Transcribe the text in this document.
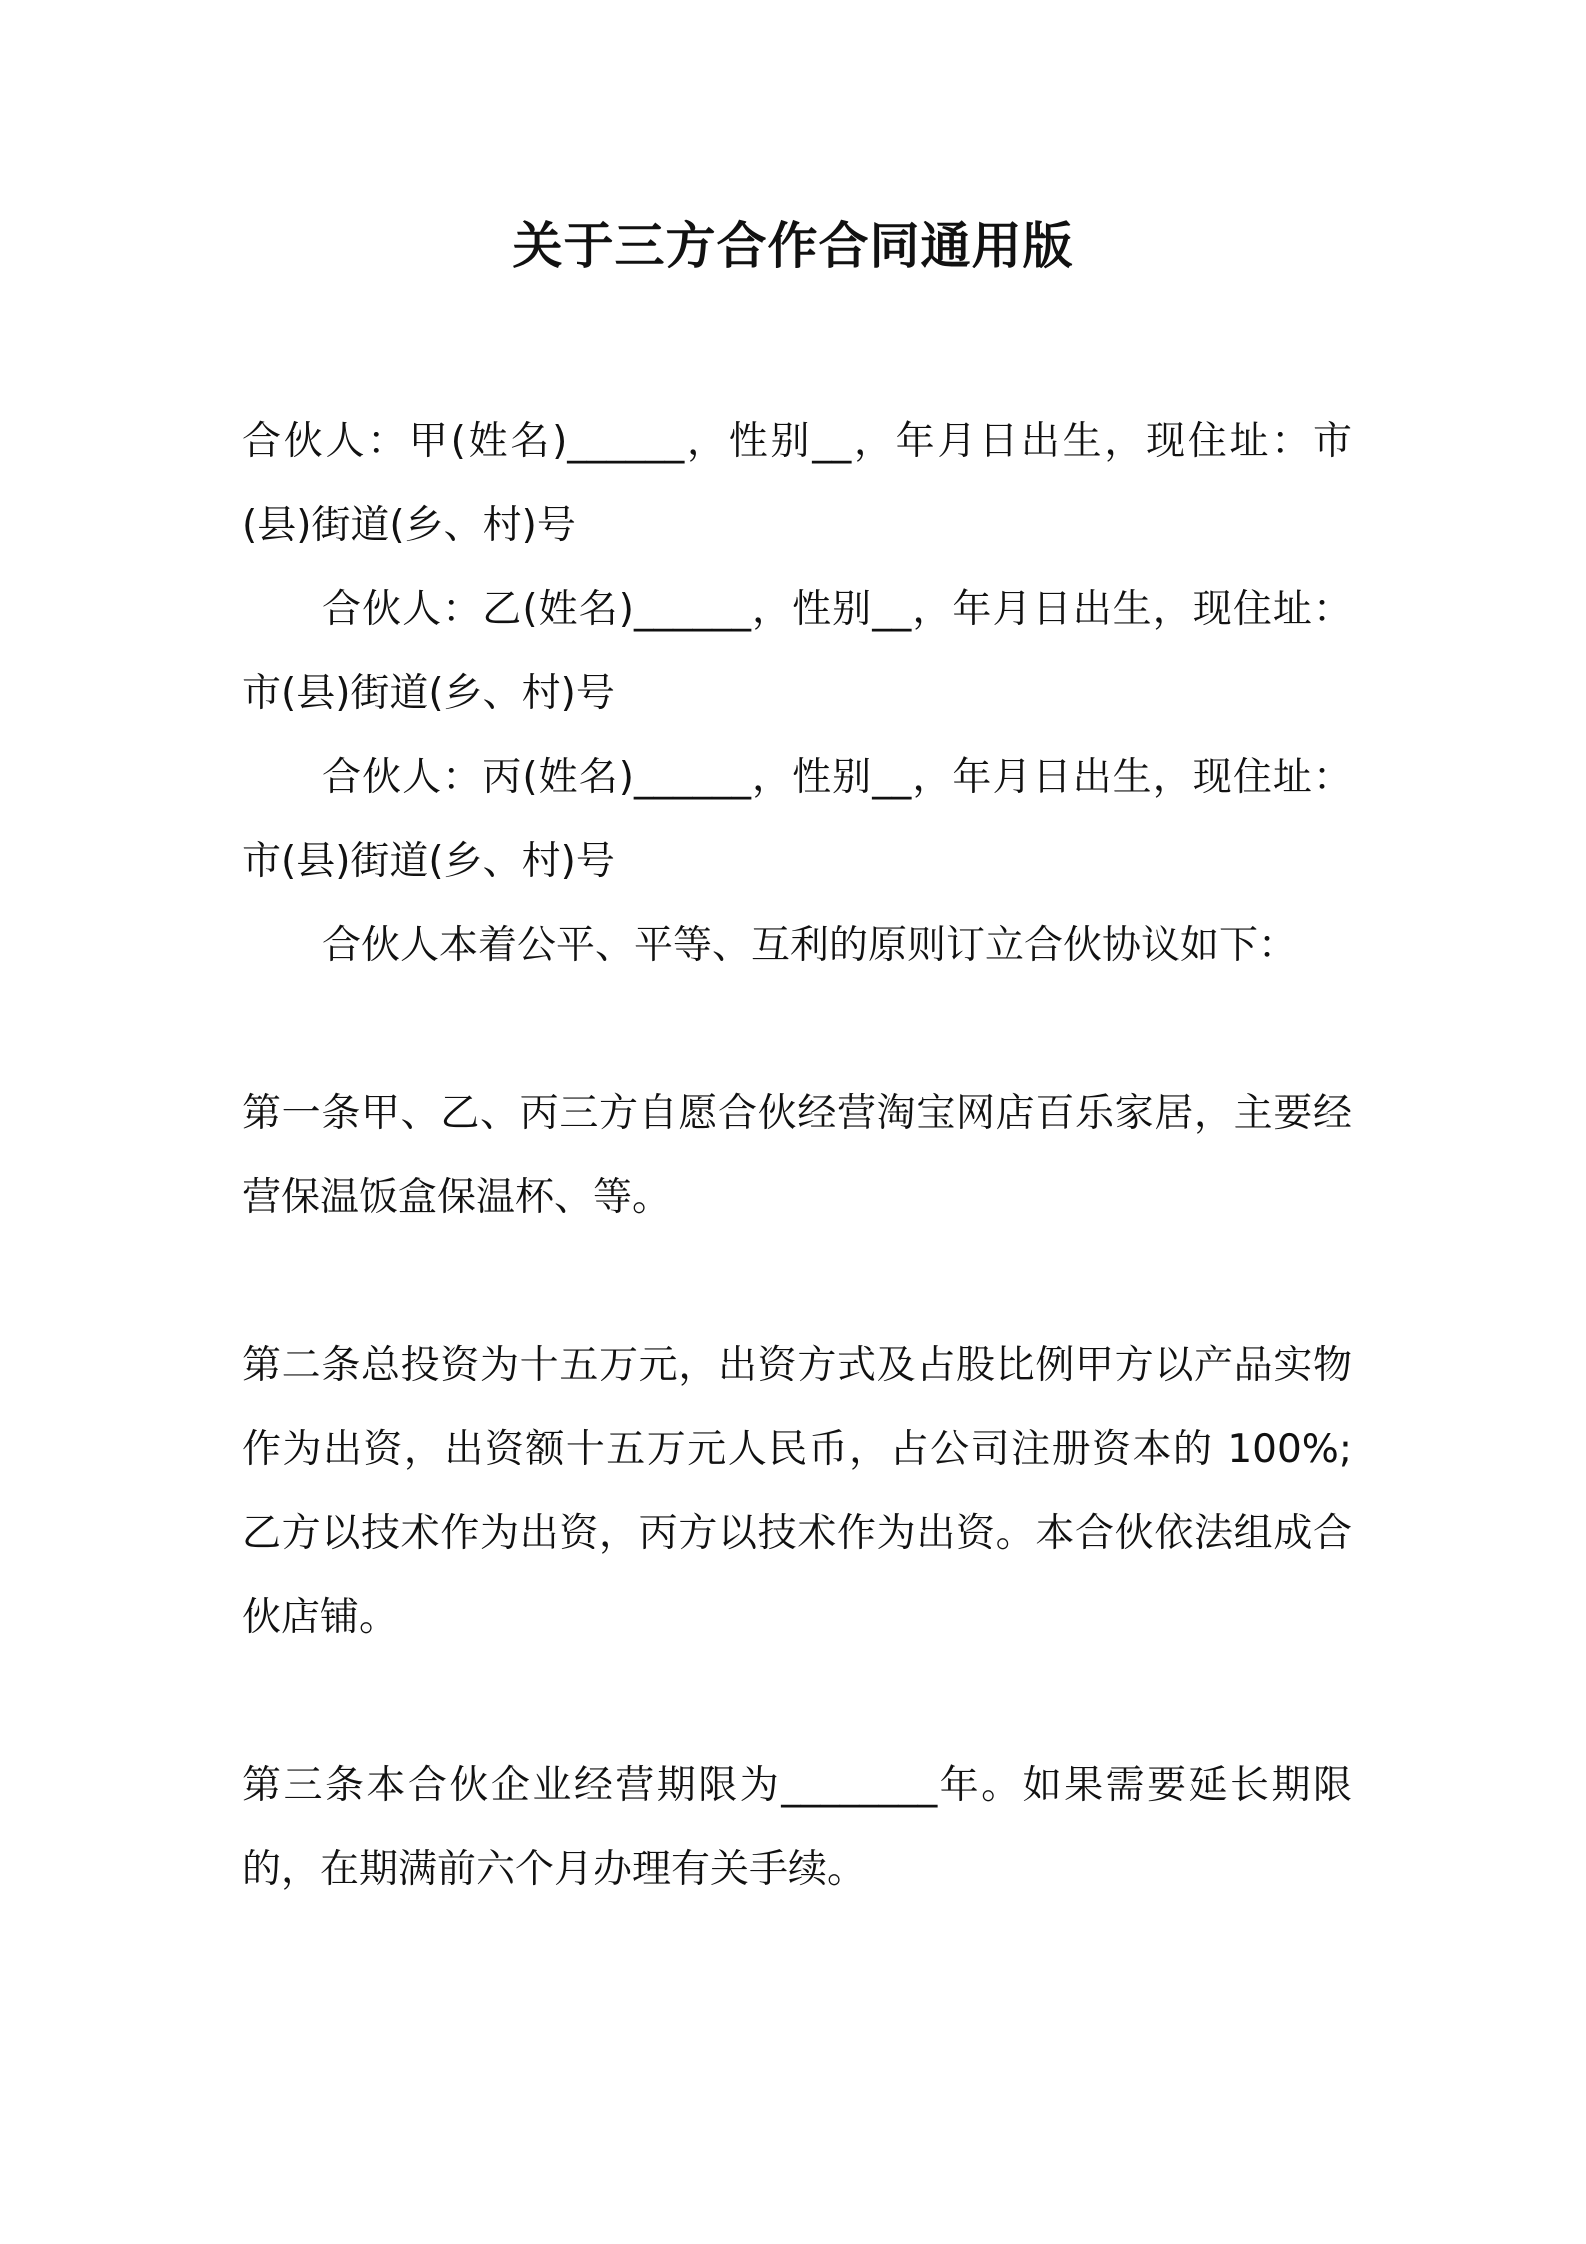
关于三方合作合同通用版

合伙人：甲(姓名)______，性别__，年月日出生，现住址：市(县)街道(乡、村)号

合伙人：乙(姓名)______，性别__，年月日出生，现住址：市(县)街道(乡、村)号

合伙人：丙(姓名)______，性别__，年月日出生，现住址：市(县)街道(乡、村)号

合伙人本着公平、平等、互利的原则订立合伙协议如下：

第一条甲、乙、丙三方自愿合伙经营淘宝网店百乐家居，主要经营保温饭盒保温杯、等。

第二条总投资为十五万元，出资方式及占股比例甲方以产品实物作为出资，出资额十五万元人民币，占公司注册资本的 100%;乙方以技术作为出资，丙方以技术作为出资。本合伙依法组成合伙店铺。

第三条本合伙企业经营期限为________年。如果需要延长期限的，在期满前六个月办理有关手续。
